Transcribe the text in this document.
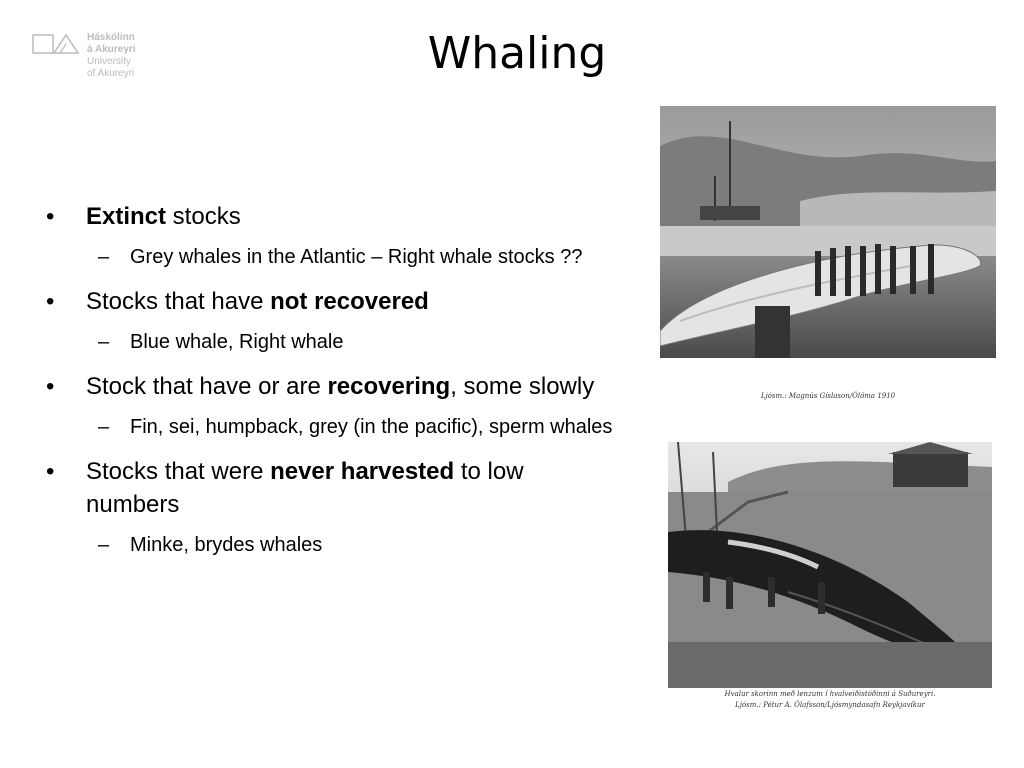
Háskólinn
á Akureyri
University
of Akureyri	Whaling
• Extinct stocks
– Grey whales in the Atlantic – Right whale stocks ??
• Stocks that have not recovered
– Blue whale, Right whale
• Stock that have or are recovering, some slowly
– Fin, sei, humpback, grey (in the pacific), sperm whales
• Stocks that were never harvested to low numbers
– Minke, brydes whales
Ljósm.: Magnús Gíslason/Ólöma 1910
Hvalur skorinn með lenzum í hvalveiðistöðinni á Suðureyri.
Ljósm.: Pétur A. Ólafsson/Ljósmyndasafn Reykjavíkur
